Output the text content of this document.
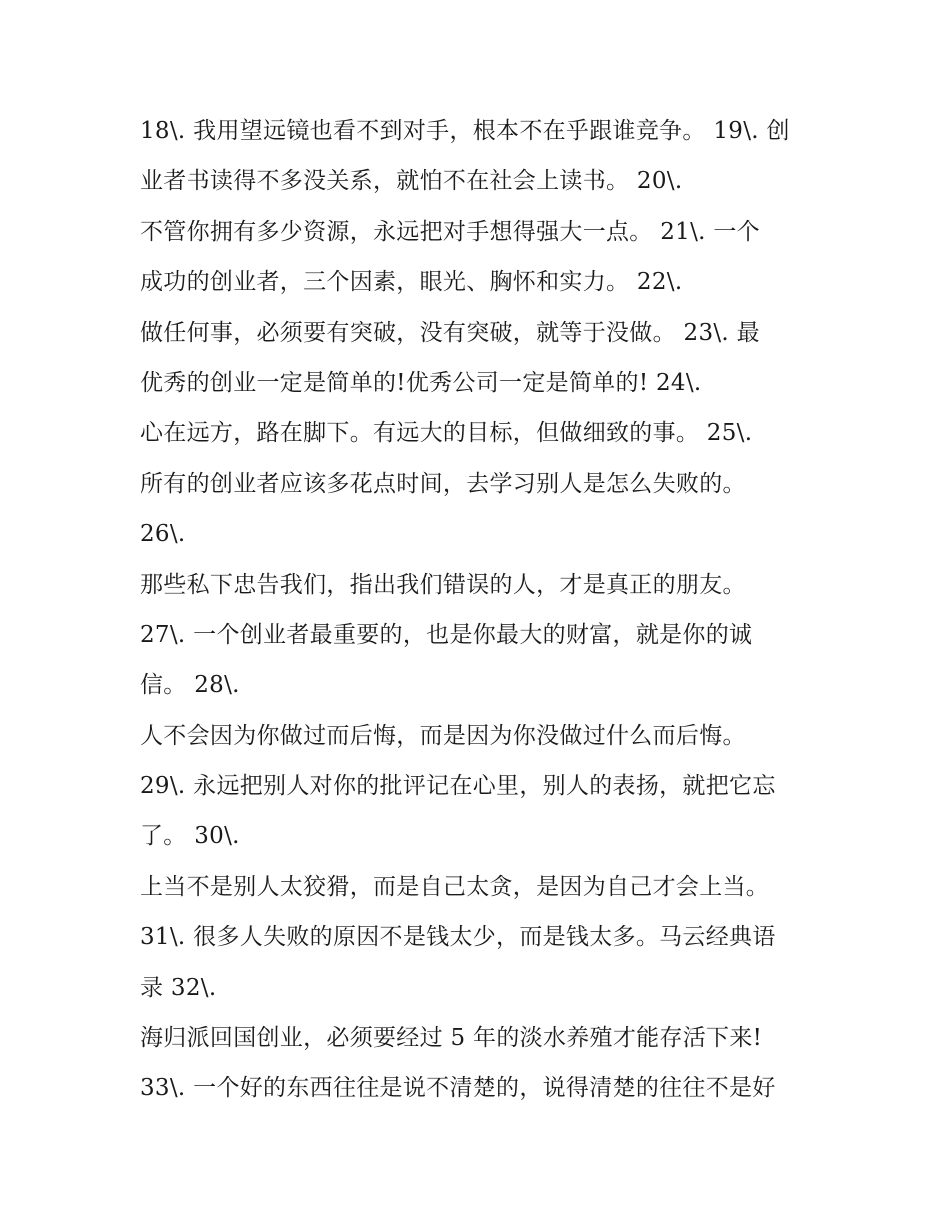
18\. 我用望远镜也看不到对手，根本不在乎跟谁竞争。 19\. 创
业者书读得不多没关系，就怕不在社会上读书。 20\.
不管你拥有多少资源，永远把对手想得强大一点。 21\. 一个
成功的创业者，三个因素，眼光、胸怀和实力。 22\.
做任何事，必须要有突破，没有突破，就等于没做。 23\. 最
优秀的创业一定是简单的!优秀公司一定是简单的! 24\.
心在远方，路在脚下。有远大的目标，但做细致的事。 25\.
所有的创业者应该多花点时间，去学习别人是怎么失败的。
26\.
那些私下忠告我们，指出我们错误的人，才是真正的朋友。
27\. 一个创业者最重要的，也是你最大的财富，就是你的诚
信。 28\.
人不会因为你做过而后悔，而是因为你没做过什么而后悔。
29\. 永远把别人对你的批评记在心里，别人的表扬，就把它忘
了。 30\.
上当不是别人太狡猾，而是自己太贪，是因为自己才会上当。
31\. 很多人失败的原因不是钱太少，而是钱太多。马云经典语
录 32\.
海归派回国创业，必须要经过 5 年的淡水养殖才能存活下来!
33\. 一个好的东西往往是说不清楚的，说得清楚的往往不是好
